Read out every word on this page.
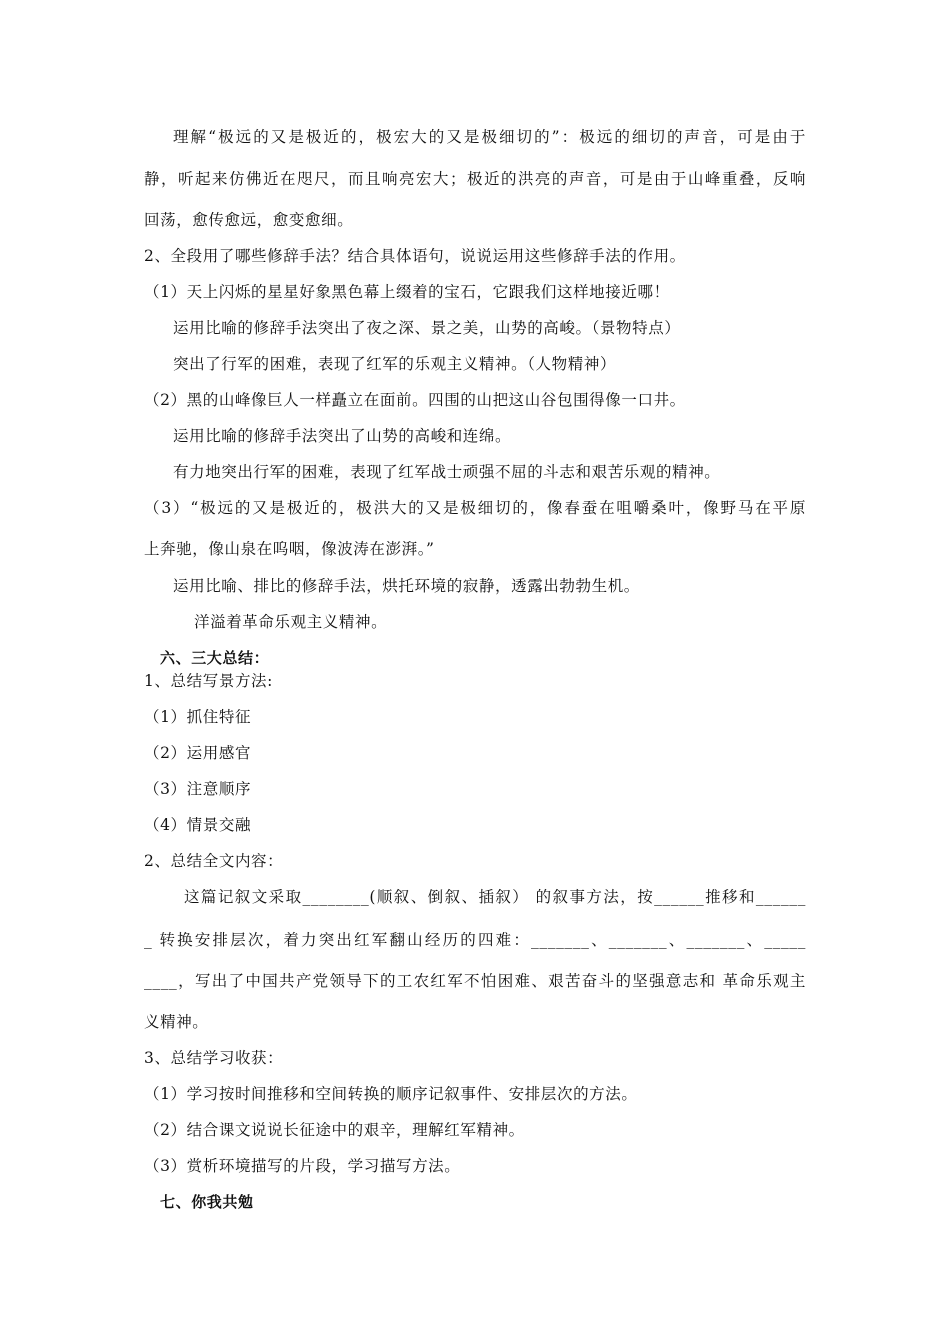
理解“极远的又是极近的，极宏大的又是极细切的”：极远的细切的声音，可是由于
静，听起来仿佛近在咫尺，而且响亮宏大；极近的洪亮的声音，可是由于山峰重叠，反响
回荡，愈传愈远，愈变愈细。
2、全段用了哪些修辞手法？结合具体语句，说说运用这些修辞手法的作用。
（1）天上闪烁的星星好象黑色幕上缀着的宝石，它跟我们这样地接近哪！
运用比喻的修辞手法突出了夜之深、景之美，山势的高峻。（景物特点）
突出了行军的困难，表现了红军的乐观主义精神。（人物精神）
（2）黑的山峰像巨人一样矗立在面前。四围的山把这山谷包围得像一口井。
运用比喻的修辞手法突出了山势的高峻和连绵。
有力地突出行军的困难，表现了红军战士顽强不屈的斗志和艰苦乐观的精神。
（3）“极远的又是极近的，极洪大的又是极细切的，像春蚕在咀嚼桑叶，像野马在平原
上奔驰，像山泉在呜咽，像波涛在澎湃。”
运用比喻、排比的修辞手法，烘托环境的寂静，透露出勃勃生机。
洋溢着革命乐观主义精神。
六、三大总结：
1、总结写景方法:
（1）抓住特征
（2）运用感官
（3）注意顺序
（4）情景交融
2、总结全文内容：
这篇记叙文采取________(顺叙、倒叙、插叙） 的叙事方法，按______推移和______
_ 转换安排层次，着力突出红军翻山经历的四难：_______、_______、_______、_____
____，写出了中国共产党领导下的工农红军不怕困难、艰苦奋斗的坚强意志和 革命乐观主
义精神。
3、总结学习收获：
（1）学习按时间推移和空间转换的顺序记叙事件、安排层次的方法。
（2）结合课文说说长征途中的艰辛，理解红军精神。
（3）赏析环境描写的片段，学习描写方法。
七、你我共勉
